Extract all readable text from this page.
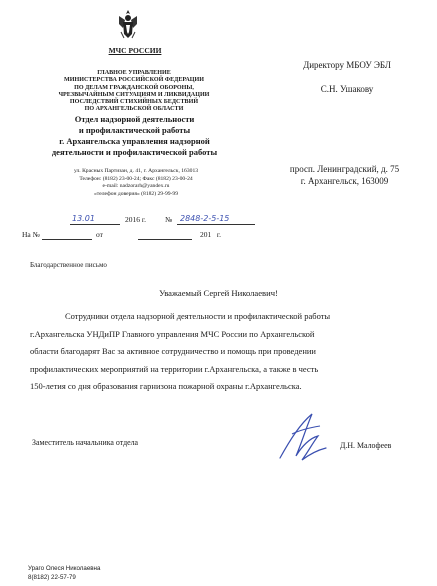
МЧС РОССИИ
ГЛАВНОЕ УПРАВЛЕНИЕ
МИНИСТЕРСТВА РОССИЙСКОЙ ФЕДЕРАЦИИ
ПО ДЕЛАМ ГРАЖДАНСКОЙ ОБОРОНЫ,
ЧРЕЗВЫЧАЙНЫМ СИТУАЦИЯМ И ЛИКВИДАЦИИ
ПОСЛЕДСТВИЙ СТИХИЙНЫХ БЕДСТВИЙ
ПО АРХАНГЕЛЬСКОЙ ОБЛАСТИ
Отдел надзорной деятельности
и профилактической работы
г. Архангельска управления надзорной
деятельности и профилактической работы
ул. Красных Партизан, д. 41, г. Архангельск, 163013
Телефон: (8182) 23-00-24; Факс (8182) 23-00-24
e-mail: nadzorarh@yandex.ru
«телефон доверия» (8182) 29-99-99
13.01	2016 г.	№ 2848-2-5-15
На №	от	201   г.
Директору МБОУ ЭБЛ
С.Н. Ушакову
просп. Ленинградский, д. 75
г. Архангельск, 163009
Благодарственное письмо
Уважаемый Сергей Николаевич!
Сотрудники отдела надзорной деятельности и профилактической работы
г.Архангельска УНДиПР Главного управления МЧС России по Архангельской
области благодарят Вас за активное сотрудничество и помощь при проведении
профилактических мероприятий на территории г.Архангельска, а также в честь
150-летия со дня образования гарнизона пожарной охраны г.Архангельска.
Заместитель начальника отдела	Д.Н. Малофеев
Ураго Олеся Николаевна
8(8182) 22-57-79
